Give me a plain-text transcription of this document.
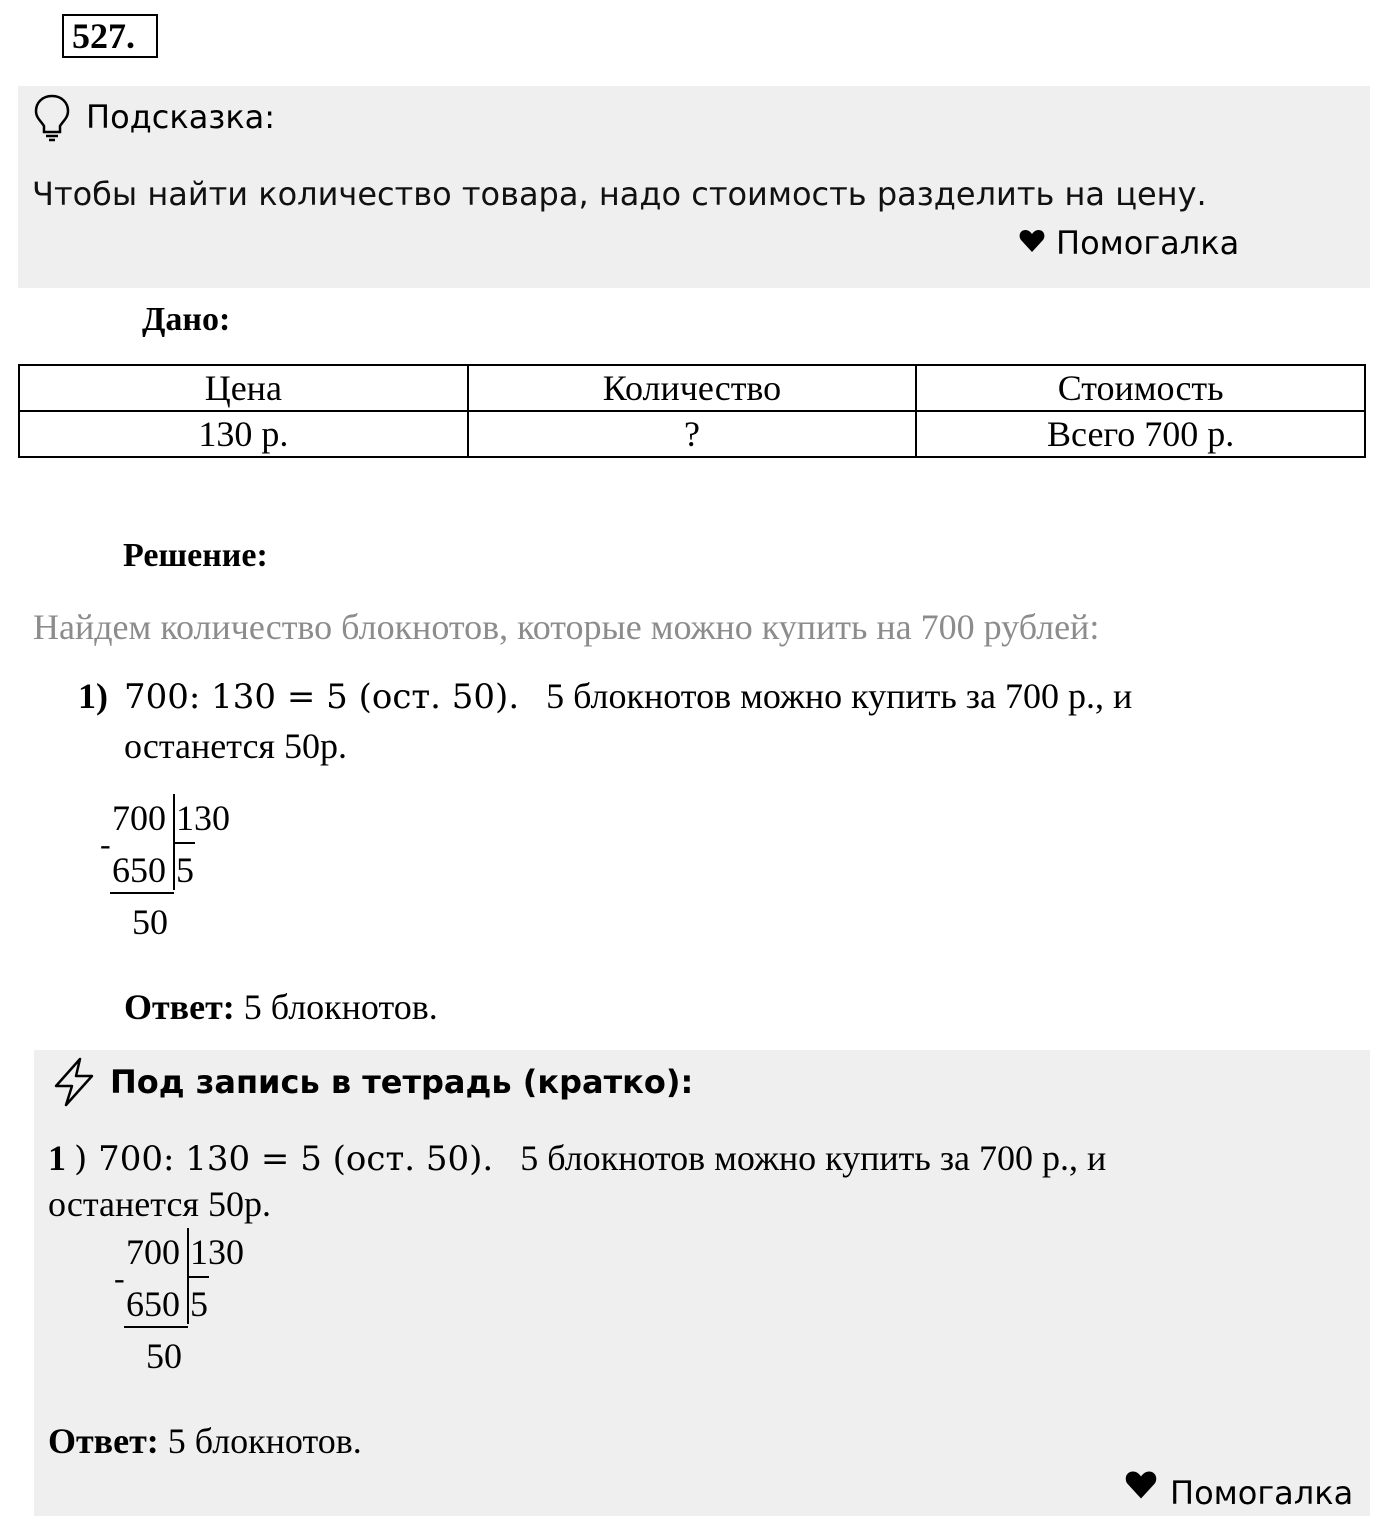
527.
Подсказка:
Чтобы найти количество товара, надо стоимость разделить на цену.
Помогалка
Дано:
Цена	Количество	Стоимость
130 р.	?	Всего 700 р.
Решение:
Найдем количество блокнотов, которые можно купить на 700 рублей:
1) 700: 130 = 5 (ост. 50). 5 блокнотов можно купить за 700 р., и
останется 50р.
-
700 130
650 5
50
Ответ: 5 блокнотов.
Под запись в тетрадь (кратко):
1 ) 700: 130 = 5 (ост. 50). 5 блокнотов можно купить за 700 р., и
останется 50р.
-
700 130
650 5
50
Ответ: 5 блокнотов.
Помогалка
